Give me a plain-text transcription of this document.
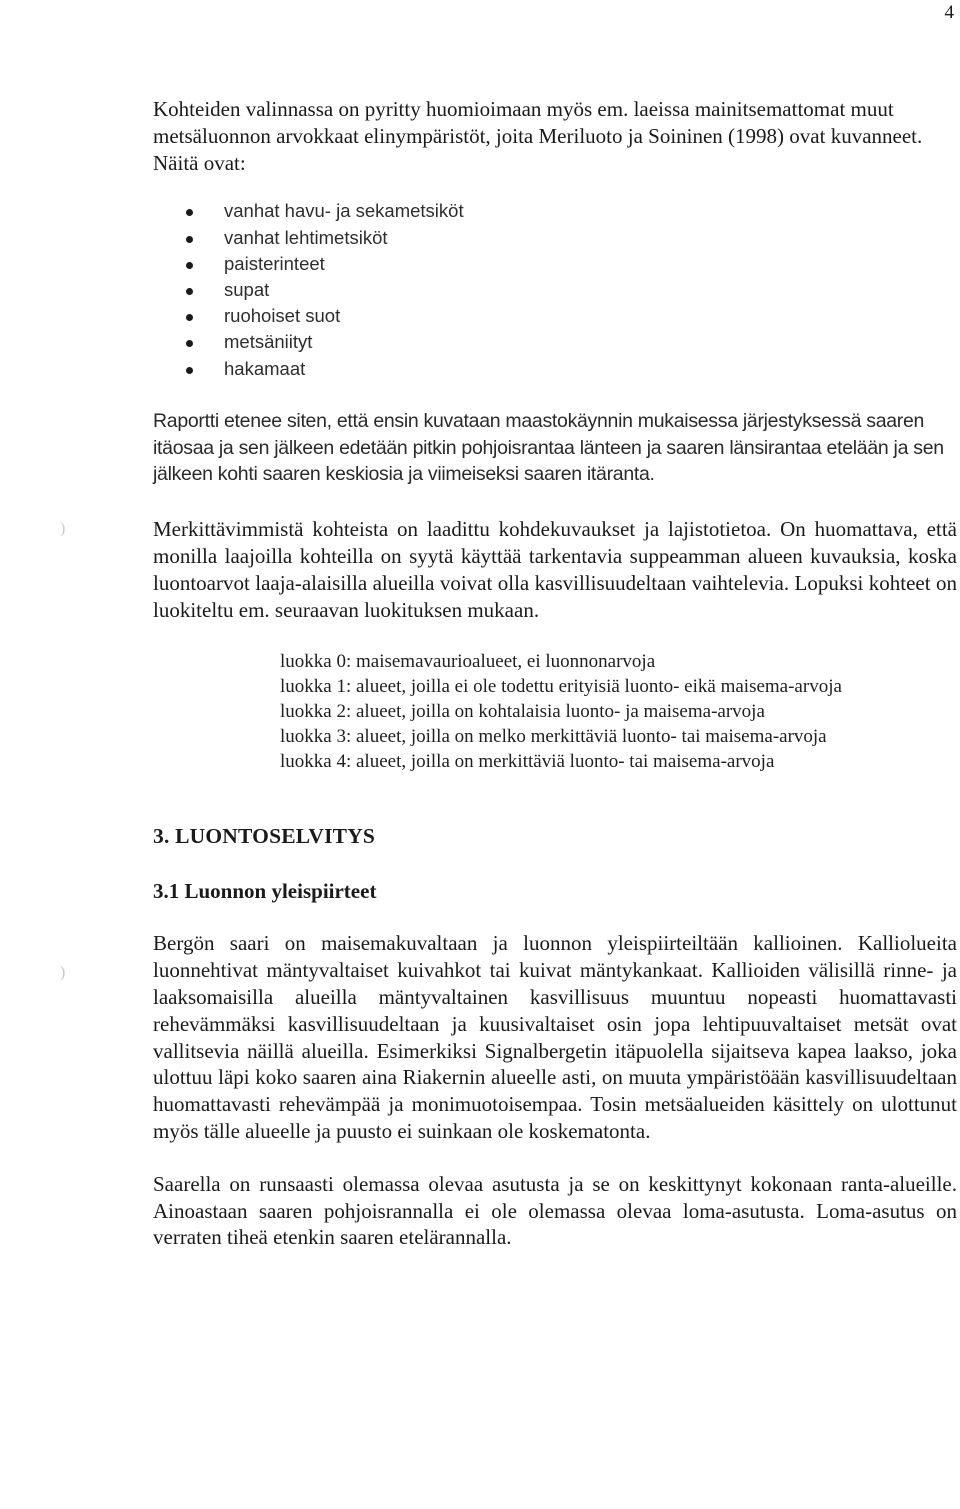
4
)
)

Kohteiden valinnassa on pyritty huomioimaan myös em. laeissa mainitsemattomat muut metsäluonnon arvokkaat elinympäristöt, joita Meriluoto ja Soininen (1998) ovat kuvanneet.

Näitä ovat:

vanhat havu- ja sekametsiköt
vanhat lehtimetsiköt
paisterinteet
supat
ruohoiset suot
metsäniityt
hakamaat

Raportti etenee siten, että ensin kuvataan maastokäynnin mukaisessa järjestyksessä saaren itäosaa ja sen jälkeen edetään pitkin pohjoisrantaa länteen ja saaren länsirantaa etelään ja sen jälkeen kohti saaren keskiosia ja viimeiseksi saaren itäranta.

Merkittävimmistä kohteista on laadittu kohdekuvaukset ja lajistotietoa. On huomattava, että monilla laajoilla kohteilla on syytä käyttää tarkentavia suppeamman alueen kuvauksia, koska luontoarvot laaja-alaisilla alueilla voivat olla kasvillisuudeltaan vaihtelevia. Lopuksi kohteet on luokiteltu em. seuraavan luokituksen mukaan.

luokka 0: maisemavaurioalueet, ei luonnonarvoja
luokka 1: alueet, joilla ei ole todettu erityisiä luonto- eikä maisema-arvoja
luokka 2: alueet, joilla on kohtalaisia luonto- ja maisema-arvoja
luokka 3: alueet, joilla on melko merkittäviä luonto- tai maisema-arvoja
luokka 4: alueet, joilla on merkittäviä luonto- tai maisema-arvoja
3. LUONTOSELVITYS
3.1 Luonnon yleispiirteet

Bergön saari on maisemakuvaltaan ja luonnon yleispiirteiltään kallioinen. Kalliolueita luonnehtivat mäntyvaltaiset kuivahkot tai kuivat mäntykankaat. Kallioiden välisillä rinne- ja laaksomaisilla alueilla mäntyvaltainen kasvillisuus muuntuu nopeasti huomattavasti rehevämmäksi kasvillisuudeltaan ja kuusivaltaiset osin jopa lehtipuuvaltaiset metsät ovat vallitsevia näillä alueilla. Esimerkiksi Signalbergetin itäpuolella sijaitseva kapea laakso, joka ulottuu läpi koko saaren aina Riakernin alueelle asti, on muuta ympäristöään kasvillisuudeltaan huomattavasti rehevämpää ja monimuotoisempaa. Tosin metsäalueiden käsittely on ulottunut myös tälle alueelle ja puusto ei suinkaan ole koskematonta.

Saarella on runsaasti olemassa olevaa asutusta ja se on keskittynyt kokonaan ranta-alueille. Ainoastaan saaren pohjoisrannalla ei ole olemassa olevaa loma-asutusta. Loma-asutus on verraten tiheä etenkin saaren etelärannalla.
